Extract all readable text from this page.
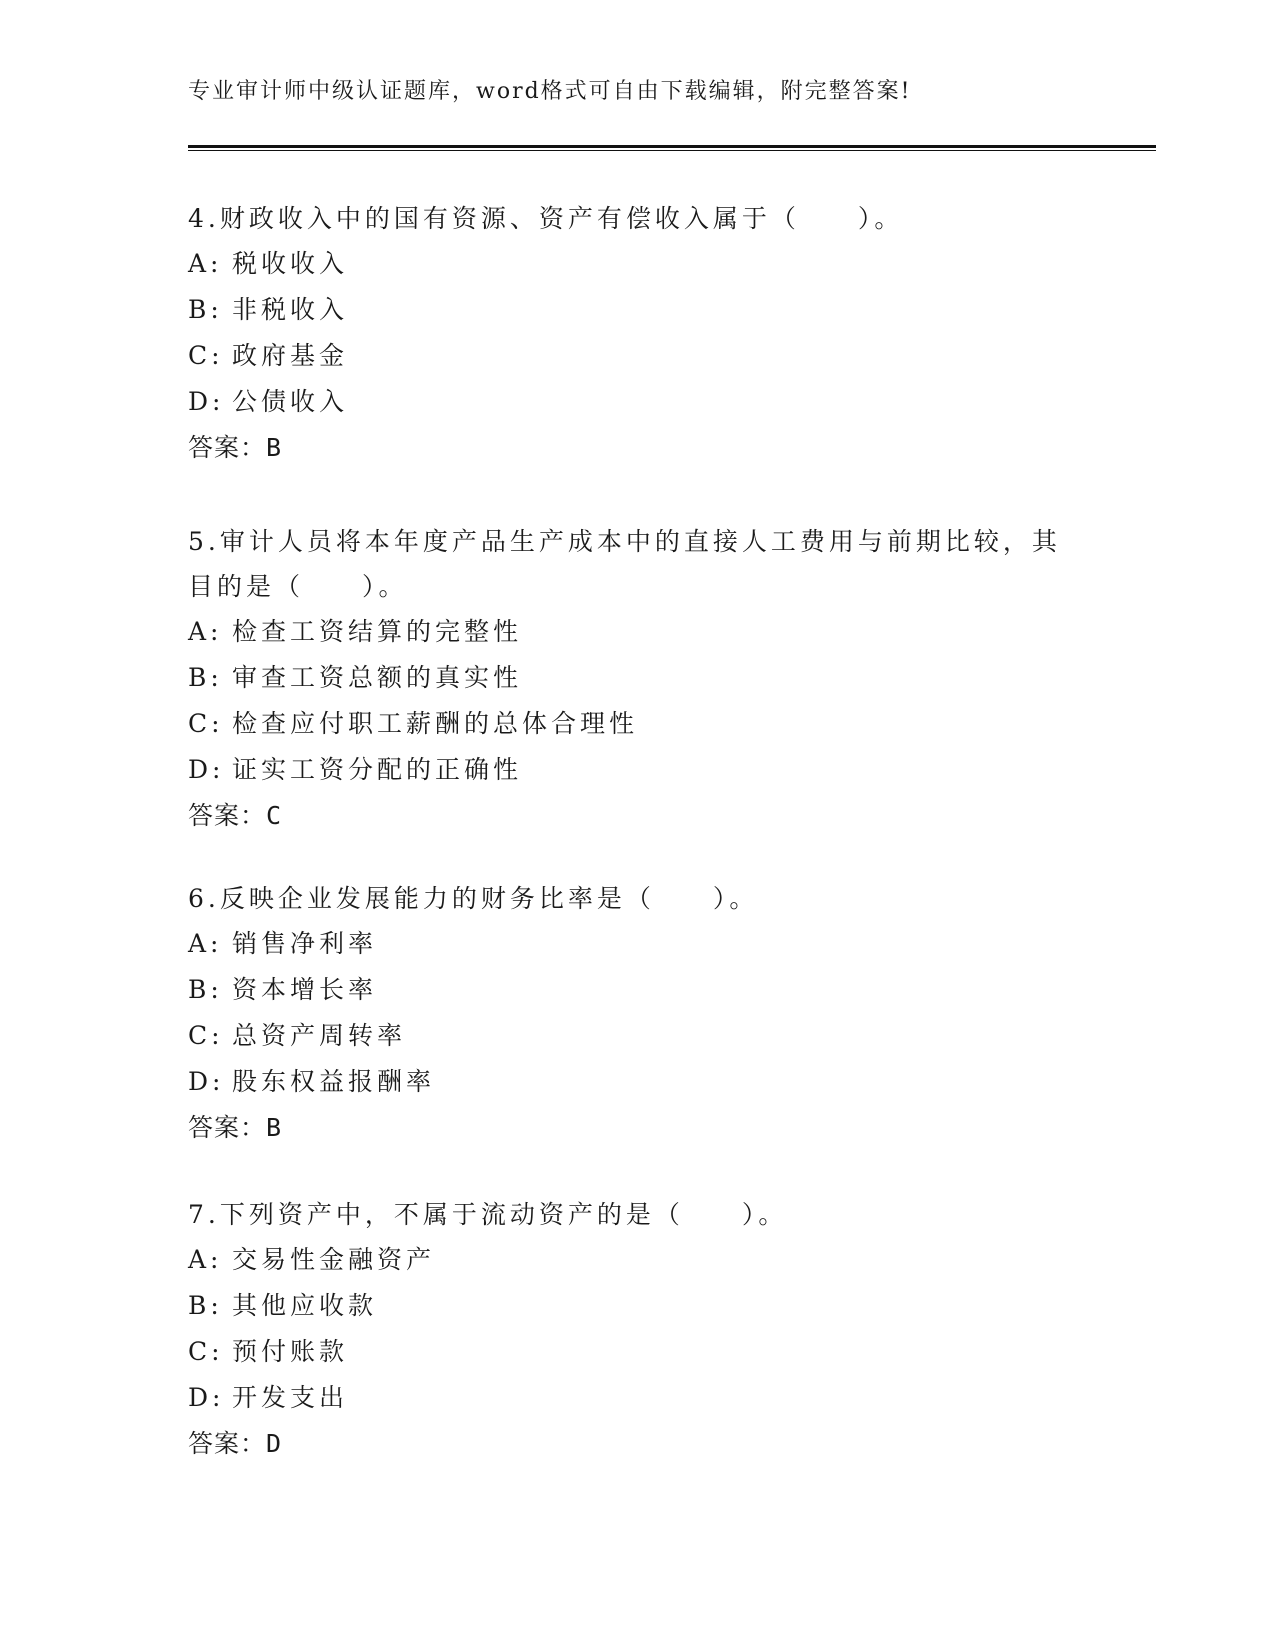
专业审计师中级认证题库，word格式可自由下载编辑，附完整答案!

4.财政收入中的国有资源、资产有偿收入属于（　　）。

A: 税收收入
B: 非税收入
C: 政府基金
D: 公债收入
答案：B

5.审计人员将本年度产品生产成本中的直接人工费用与前期比较，其目的是（　　）。

A: 检查工资结算的完整性
B: 审查工资总额的真实性
C: 检查应付职工薪酬的总体合理性
D: 证实工资分配的正确性
答案：C

6.反映企业发展能力的财务比率是（　　）。

A: 销售净利率
B: 资本增长率
C: 总资产周转率
D: 股东权益报酬率
答案：B

7.下列资产中，不属于流动资产的是（　　）。

A: 交易性金融资产
B: 其他应收款
C: 预付账款
D: 开发支出
答案：D
